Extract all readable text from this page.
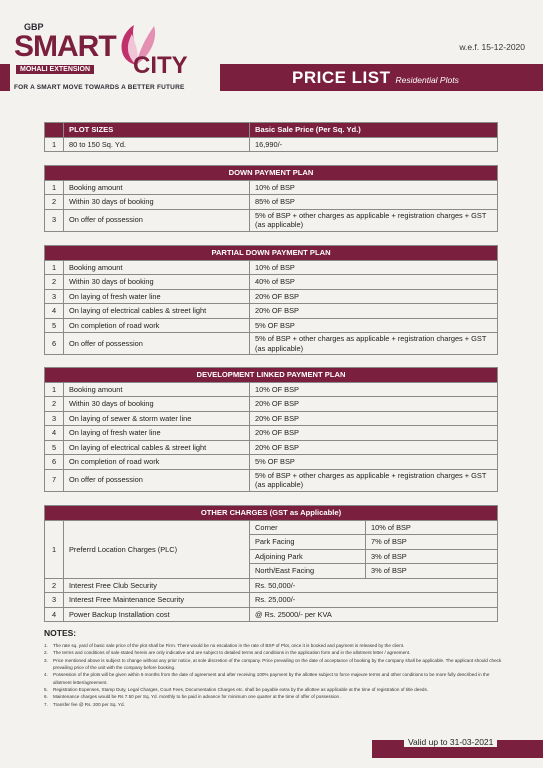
GBP
SMART
MOHALI EXTENSION CITY
FOR A SMART MOVE TOWARDS A BETTER FUTURE
w.e.f. 15-12-2020
PRICE LIST Residential Plots
	PLOT SIZES	Basic Sale Price (Per Sq. Yd.)
1	80 to 150 Sq. Yd.	16,990/-
DOWN PAYMENT PLAN		
1	Booking amount	10% of BSP
2	Within 30 days of booking	85% of BSP
3	On offer of possession	5% of BSP + other charges as applicable + registration charges + GST (as applicable)
PARTIAL DOWN PAYMENT PLAN		
1	Booking amount	10% of BSP
2	Within 30 days of booking	40% of BSP
3	On laying of fresh water line	20% OF BSP
4	On laying of electrical cables & street light	20% OF BSP
5	On completion of road work	5% OF BSP
6	On offer of possession	5% of BSP + other charges as applicable + registration charges + GST (as applicable)
DEVELOPMENT LINKED PAYMENT PLAN		
1	Booking amount	10% OF BSP
2	Within 30 days of booking	20% OF BSP
3	On laying of sewer & storm water line	20% OF BSP
4	On laying of fresh water line	20% OF BSP
5	On laying of electrical cables & street light	20% OF BSP
6	On completion of road work	5% OF BSP
7	On offer of possession	5% of BSP + other charges as applicable + registration charges + GST (as applicable)
OTHER CHARGES (GST as Applicable)			
1	Preferrd Location Charges (PLC)	Corner	10% of BSP
		Park Facing	7% of BSP
		Adjoining Park	3% of BSP
		North/East Facing	3% of BSP
2	Interest Free Club Security	Rs. 50,000/-	
3	Interest Free Maintenance Security	Rs. 25,000/-	
4	Power Backup Installation cost	@ Rs. 25000/- per KVA	
NOTES:
1.	The rate sq. yard of basic sale price of the plot shall be Firm. There would be no escalation in the rate of BSP of Plot, once it is booked and payment is released by the client.
2.	The terms and conditions of sale stated herein are only indicative and are subject to detailed terms and conditions in the application form and in the allotment letter / agreement.
3.	Price mentioned above is subject to change without any prior notice, at sole discretion of the company. Price prevailing on the date of acceptance of booking by the company shall be applicable. The applicant should check prevailing price of the unit with the company before booking.
4.	Possession of the plots will be given within 6 months from the date of agreement and after receiving 100% payment by the allottee subject to force majeure terms and other conditions to be more fully described in the allotment letter/agreement.
5.	Registration Expenses, Stamp Duty, Legal Charges, Court Fees, Documentation Charges etc. shall be payable extra by the allottee as applicable at the time of registration of title deeds.
6.	Maintenance charges would be Rs 7.50 per Sq. Yd. monthly to be paid in advance for minimum one quarter at the time of offer of possession .
7.	Transfer fee @ Rs. 200 per Sq. Yd.
Valid up to 31-03-2021
